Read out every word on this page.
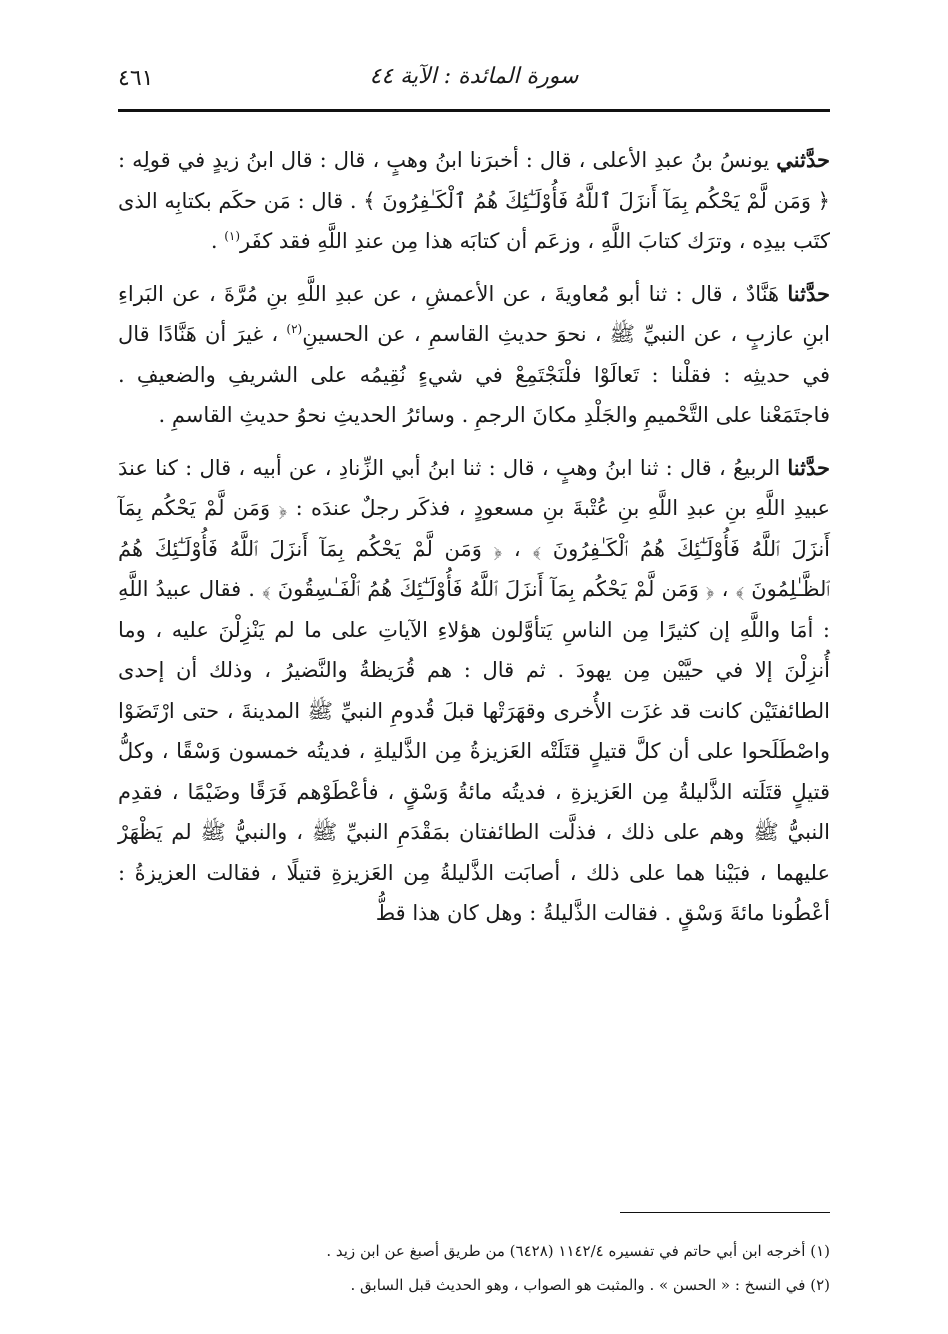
٤٦١	سورة المائدة : الآية ٤٤

حدَّثني يونسُ بنُ عبدِ الأعلى ، قال : أخبرَنا ابنُ وهبٍ ، قال : قال ابنُ زيدٍ في قولِه : ﴿ وَمَن لَّمْ يَحْكُم بِمَآ أَنزَلَ ٱللَّهُ فَأُوْلَـٰٓئِكَ هُمُ ٱلْكَـٰفِرُونَ ﴾ . قال : مَن حكَم بكتابِه الذى كتَب بيدِه ، وترَك كتابَ اللَّهِ ، وزعَم أن كتابَه هذا مِن عندِ اللَّهِ فقد كفَر$^{(١)}$ .

حدَّثنا هَنَّادٌ ، قال : ثنا أبو مُعاويةَ ، عن الأعمشِ ، عن عبدِ اللَّهِ بنِ مُرَّةَ ، عن البَراءِ ابنِ عازبٍ ، عن النبيِّ ﷺ ، نحوَ حديثِ القاسمِ ، عن الحسينِ$^{(٢)}$ ، غيرَ أن هَنَّادًا قال في حديثِه : فقلْنا : تَعالَوْا فلْنَجْتَمِعْ في شيءٍ نُقِيمُه على الشريفِ والضعيفِ . فاجتَمَعْنا على التَّحْميمِ والجَلْدِ مكانَ الرجمِ . وسائرُ الحديثِ نحوُ حديثِ القاسمِ .

حدَّثنا الربيعُ ، قال : ثنا ابنُ وهبٍ ، قال : ثنا ابنُ أبي الزِّنادِ ، عن أبيه ، قال : كنا عندَ عبيدِ اللَّهِ بنِ عبدِ اللَّهِ بنِ عُتْبةَ بنِ مسعودٍ ، فذكَر رجلٌ عندَه : ﴿ وَمَن لَّمْ يَحْكُم بِمَآ أَنزَلَ ٱللَّهُ فَأُوْلَـٰٓئِكَ هُمُ ٱلْكَـٰفِرُونَ ﴾ ، ﴿ وَمَن لَّمْ يَحْكُم بِمَآ أَنزَلَ ٱللَّهُ فَأُوْلَـٰٓئِكَ هُمُ ٱلظَّـٰلِمُونَ ﴾ ، ﴿ وَمَن لَّمْ يَحْكُم بِمَآ أَنزَلَ ٱللَّهُ فَأُوْلَـٰٓئِكَ هُمُ ٱلْفَـٰسِقُونَ ﴾ . فقال عبيدُ اللَّهِ : أمَا واللَّهِ إن كثيرًا مِن الناسِ يَتأوَّلون هؤلاءِ الآياتِ على ما لم يَنْزِلْنَ عليه ، وما أُنزِلْنَ إلا في حيَّيْن مِن يهودَ . ثم قال : هم قُرَيظةُ والنَّضيرُ ، وذلك أن إحدى الطائفتَيْن كانت قد غزَت الأُخرى وقهَرَتْها قبلَ قُدومِ النبيِّ ﷺ المدينةَ ، حتى ارْتَضَوْا واصْطَلَحوا على أن كلَّ قتيلٍ قتَلَتْه العَزيزةُ مِن الذَّليلةِ ، فديتُه خمسون وَسْقًا ، وكلُّ قتيلٍ قتَلَته الذَّليلةُ مِن العَزيزةِ ، فديتُه مائةُ وَسْقٍ ، فأعْطَوْهم فَرَقًا وضَيْمًا ، فقدِم النبيُّ ﷺ وهم على ذلك ، فذلَّت الطائفتان بمَقْدَمِ النبيِّ ﷺ ، والنبيُّ ﷺ لم يَظْهَرْ عليهما ، فبَيْنا هما على ذلك ، أصابَت الذَّليلةُ مِن العَزيزةِ قتيلًا ، فقالت العزيزةُ : أعْطُونا مائةَ وَسْقٍ . فقالت الذَّليلةُ : وهل كان هذا قطُّ

(١) أخرجه ابن أبي حاتم في تفسيره ١١٤٢/٤ (٦٤٢٨) من طريق أصبغ عن ابن زيد .

(٢) في النسخ : « الحسن » . والمثبت هو الصواب ، وهو الحديث قبل السابق .
